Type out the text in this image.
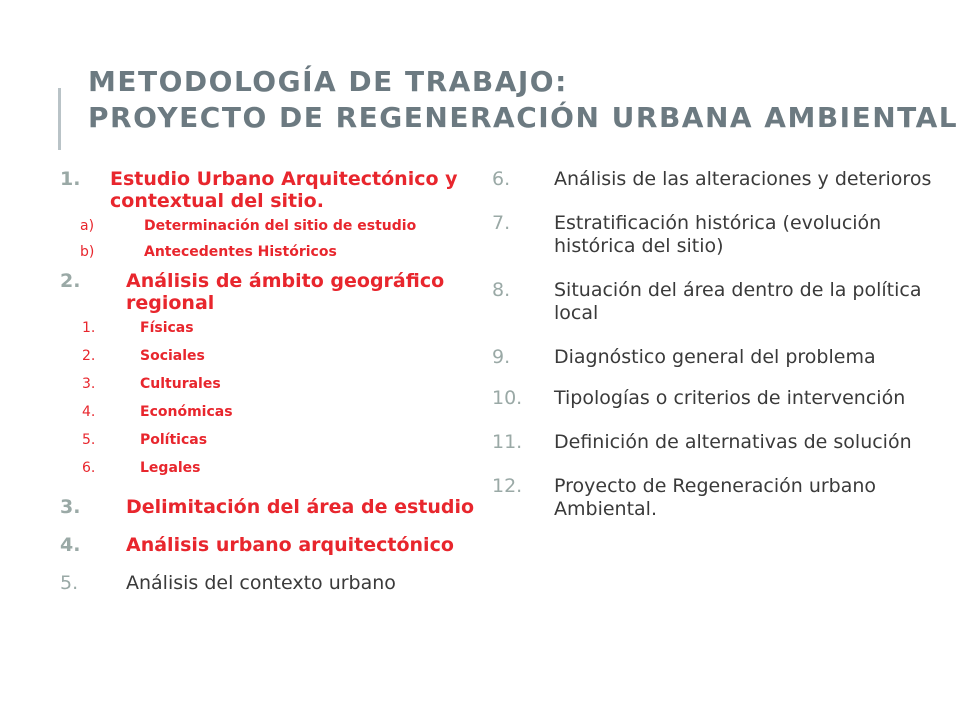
METODOLOGÍA DE TRABAJO:
PROYECTO DE REGENERACIÓN URBANA AMBIENTAL
1.	Estudio Urbano Arquitectónico y contextual del sitio.
a)	Determinación del sitio de estudio
b)	Antecedentes Históricos
2.	Análisis de ámbito geográfico regional
1.	Físicas
2.	Sociales
3.	Culturales
4.	Económicas
5.	Políticas
6.	Legales
3.	Delimitación del área de estudio
4.	Análisis urbano arquitectónico
5.	Análisis del contexto urbano
6.	Análisis de las alteraciones y deterioros
7.	Estratificación histórica (evolución histórica del sitio)
8.	Situación del área dentro de la política local
9.	Diagnóstico general del problema
10.	Tipologías o criterios de intervención
11.	Definición de alternativas de solución
12.	Proyecto de Regeneración urbano Ambiental.
